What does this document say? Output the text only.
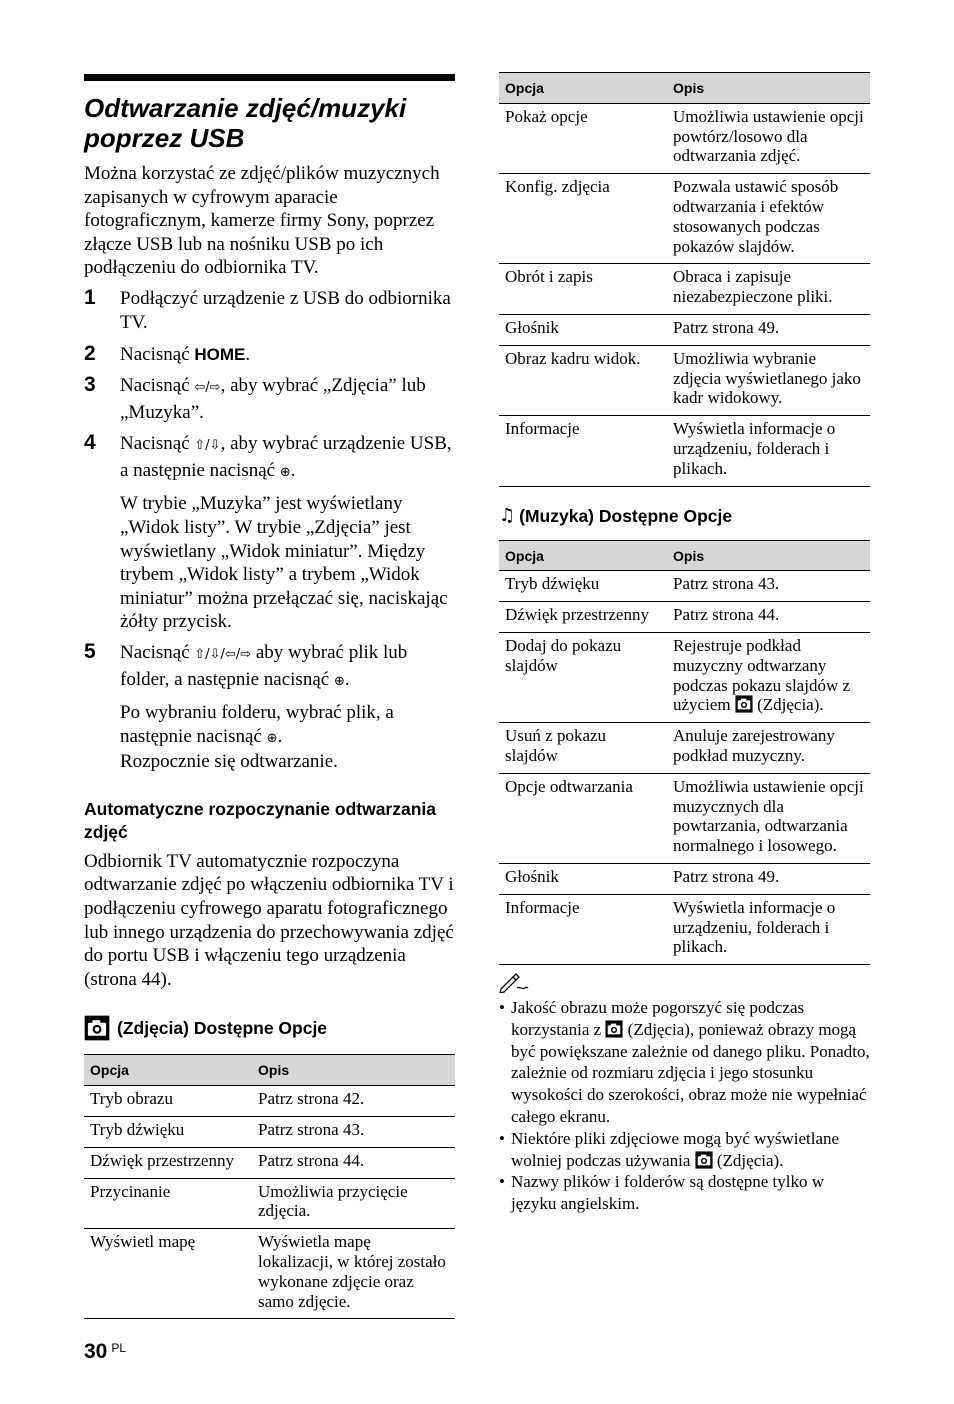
Odtwarzanie zdjęć/muzyki poprzez USB

Można korzystać ze zdjęć/plików muzycznych zapisanych w cyfrowym aparacie fotograficznym, kamerze firmy Sony, poprzez złącze USB lub na nośniku USB po ich podłączeniu do odbiornika TV.

1 Podłączyć urządzenie z USB do odbiornika TV.
2 Nacisnąć HOME.
3 Nacisnąć ⇦/⇨, aby wybrać „Zdjęcia” lub „Muzyka”.
4 Nacisnąć ⇧/⇩, aby wybrać urządzenie USB, a następnie nacisnąć ⊕.
W trybie „Muzyka” jest wyświetlany „Widok listy”. W trybie „Zdjęcia” jest wyświetlany „Widok miniatur”. Między trybem „Widok listy” a trybem „Widok miniatur” można przełączać się, naciskając żółty przycisk.
5 Nacisnąć ⇧/⇩/⇦/⇨ aby wybrać plik lub folder, a następnie nacisnąć ⊕.
Po wybraniu folderu, wybrać plik, a następnie nacisnąć ⊕.
Rozpocznie się odtwarzanie.
Automatyczne rozpoczynanie odtwarzania zdjęć

Odbiornik TV automatycznie rozpoczyna odtwarzanie zdjęć po włączeniu odbiornika TV i podłączeniu cyfrowego aparatu fotograficznego lub innego urządzenia do przechowywania zdjęć do portu USB i włączeniu tego urządzenia (strona 44).

(Zdjęcia) Dostępne Opcje
Opcja	Opis
Tryb obrazu	Patrz strona 42.
Tryb dźwięku	Patrz strona 43.
Dźwięk przestrzenny	Patrz strona 44.
Przycinanie	Umożliwia przycięcie zdjęcia.
Wyświetl mapę	Wyświetla mapę lokalizacji, w której zostało wykonane zdjęcie oraz samo zdjęcie.
Opcja	Opis
Pokaż opcje	Umożliwia ustawienie opcji powtórz/losowo dla odtwarzania zdjęć.
Konfig. zdjęcia	Pozwala ustawić sposób odtwarzania i efektów stosowanych podczas pokazów slajdów.
Obrót i zapis	Obraca i zapisuje niezabezpieczone pliki.
Głośnik	Patrz strona 49.
Obraz kadru widok.	Umożliwia wybranie zdjęcia wyświetlanego jako kadr widokowy.
Informacje	Wyświetla informacje o urządzeniu, folderach i plikach.
♫ (Muzyka) Dostępne Opcje
Opcja	Opis
Tryb dźwięku	Patrz strona 43.
Dźwięk przestrzenny	Patrz strona 44.
Dodaj do pokazu slajdów	Rejestruje podkład muzyczny odtwarzany podczas pokazu slajdów z użyciem  (Zdjęcia).
Usuń z pokazu slajdów	Anuluje zarejestrowany podkład muzyczny.
Opcje odtwarzania	Umożliwia ustawienie opcji muzycznych dla powtarzania, odtwarzania normalnego i losowego.
Głośnik	Patrz strona 49.
Informacje	Wyświetla informacje o urządzeniu, folderach i plikach.
• Jakość obrazu może pogorszyć się podczas korzystania z  (Zdjęcia), ponieważ obrazy mogą być powiększane zależnie od danego pliku. Ponadto, zależnie od rozmiaru zdjęcia i jego stosunku wysokości do szerokości, obraz może nie wypełniać całego ekranu.
• Niektóre pliki zdjęciowe mogą być wyświetlane wolniej podczas używania  (Zdjęcia).
• Nazwy plików i folderów są dostępne tylko w języku angielskim.
30 $^{PL}$
